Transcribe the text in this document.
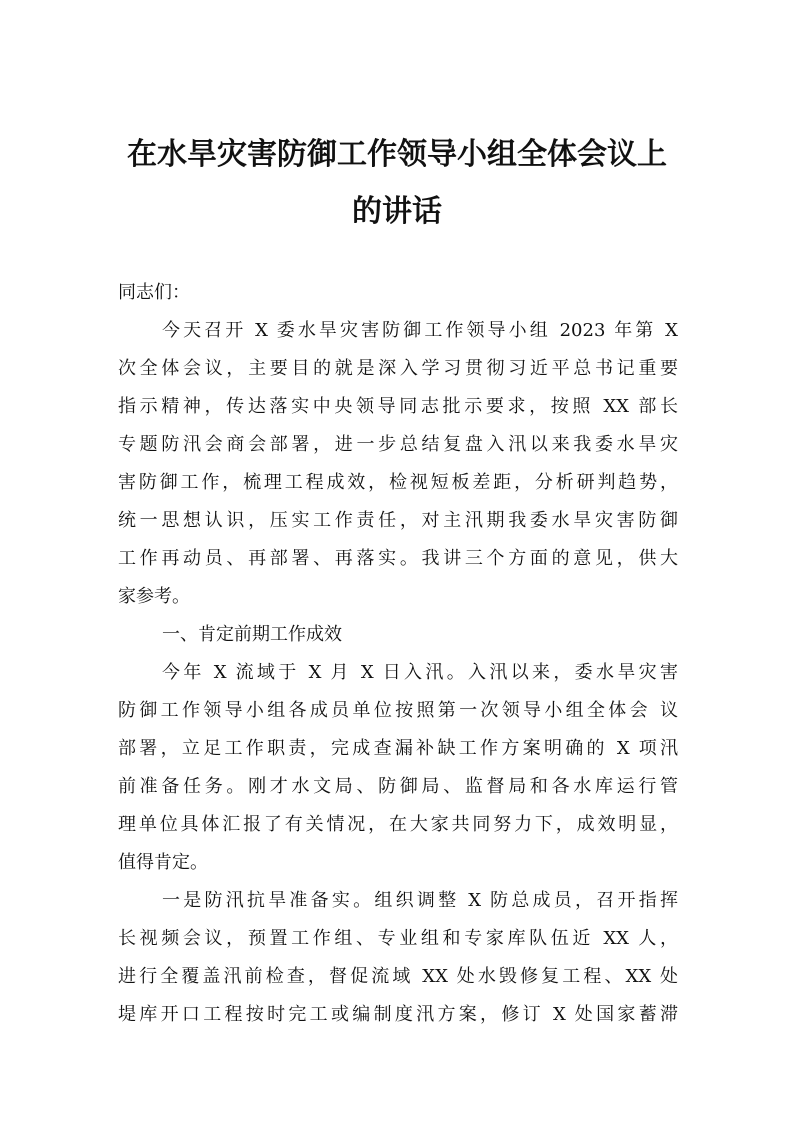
在水旱灾害防御工作领导小组全体会议上
的讲话
同志们：
今天召开 X 委水旱灾害防御工作领导小组 2023 年第 X
次全体会议，主要目的就是深入学习贯彻习近平总书记重要
指示精神，传达落实中央领导同志批示要求，按照 XX 部长
专题防汛会商会部署，进一步总结复盘入汛以来我委水旱灾
害防御工作，梳理工程成效，检视短板差距，分析研判趋势，
统一思想认识，压实工作责任，对主汛期我委水旱灾害防御
工作再动员、再部署、再落实。我讲三个方面的意见，供大
家参考。
一、肯定前期工作成效
今年 X 流域于 X 月 X 日入汛。入汛以来，委水旱灾害
防御工作领导小组各成员单位按照第一次领导小组全体会 议
部署，立足工作职责，完成查漏补缺工作方案明确的 X 项汛
前准备任务。刚才水文局、防御局、监督局和各水库运行管
理单位具体汇报了有关情况，在大家共同努力下，成效明显，
值得肯定。
一是防汛抗旱准备实。组织调整 X 防总成员，召开指挥
长视频会议，预置工作组、专业组和专家库队伍近 XX 人，
进行全覆盖汛前检查，督促流域 XX 处水毁修复工程、XX 处
堤库开口工程按时完工或编制度汛方案，修订 X 处国家蓄滞
